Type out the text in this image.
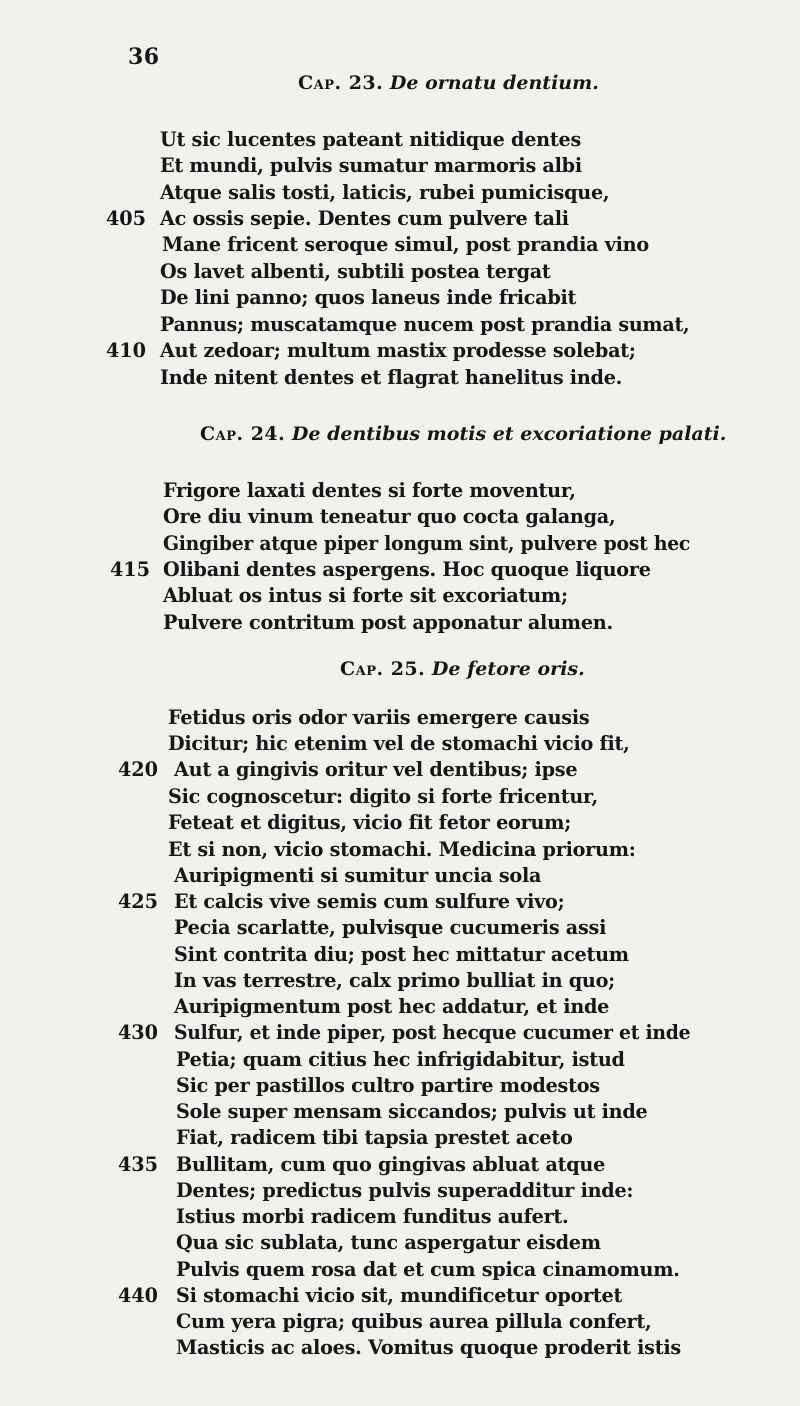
36
Cap. 23. De ornatu dentium.
Ut sic lucentes pateant nitidique dentes
Et mundi, pulvis sumatur marmoris albi
Atque salis tosti, laticis, rubei pumicisque,
405 Ac ossis sepie. Dentes cum pulvere tali
Mane fricent seroque simul, post prandia vino
Os lavet albenti, subtili postea tergat
De lini panno; quos laneus inde fricabit
Pannus; muscatamque nucem post prandia sumat,
410 Aut zedoar; multum mastix prodesse solebat;
Inde nitent dentes et flagrat hanelitus inde.
Cap. 24. De dentibus motis et excoriatione palati.
Frigore laxati dentes si forte moventur,
Ore diu vinum teneatur quo cocta galanga,
Gingiber atque piper longum sint, pulvere post hec
415 Olibani dentes aspergens. Hoc quoque liquore
Abluat os intus si forte sit excoriatum;
Pulvere contritum post apponatur alumen.
Cap. 25. De fetore oris.
Fetidus oris odor variis emergere causis
Dicitur; hic etenim vel de stomachi vicio fit,
420 Aut a gingivis oritur vel dentibus; ipse
Sic cognoscetur: digito si forte fricentur,
Feteat et digitus, vicio fit fetor eorum;
Et si non, vicio stomachi. Medicina priorum:
Auripigmenti si sumitur uncia sola
425 Et calcis vive semis cum sulfure vivo;
Pecia scarlatte, pulvisque cucumeris assi
Sint contrita diu; post hec mittatur acetum
In vas terrestre, calx primo bulliat in quo;
Auripigmentum post hec addatur, et inde
430 Sulfur, et inde piper, post hecque cucumer et inde
Petia; quam citius hec infrigidabitur, istud
Sic per pastillos cultro partire modestos
Sole super mensam siccandos; pulvis ut inde
Fiat, radicem tibi tapsia prestet aceto
435 Bullitam, cum quo gingivas abluat atque
Dentes; predictus pulvis superadditur inde:
Istius morbi radicem funditus aufert.
Qua sic sublata, tunc aspergatur eisdem
Pulvis quem rosa dat et cum spica cinamomum.
440 Si stomachi vicio sit, mundificetur oportet
Cum yera pigra; quibus aurea pillula confert,
Masticis ac aloes. Vomitus quoque proderit istis
